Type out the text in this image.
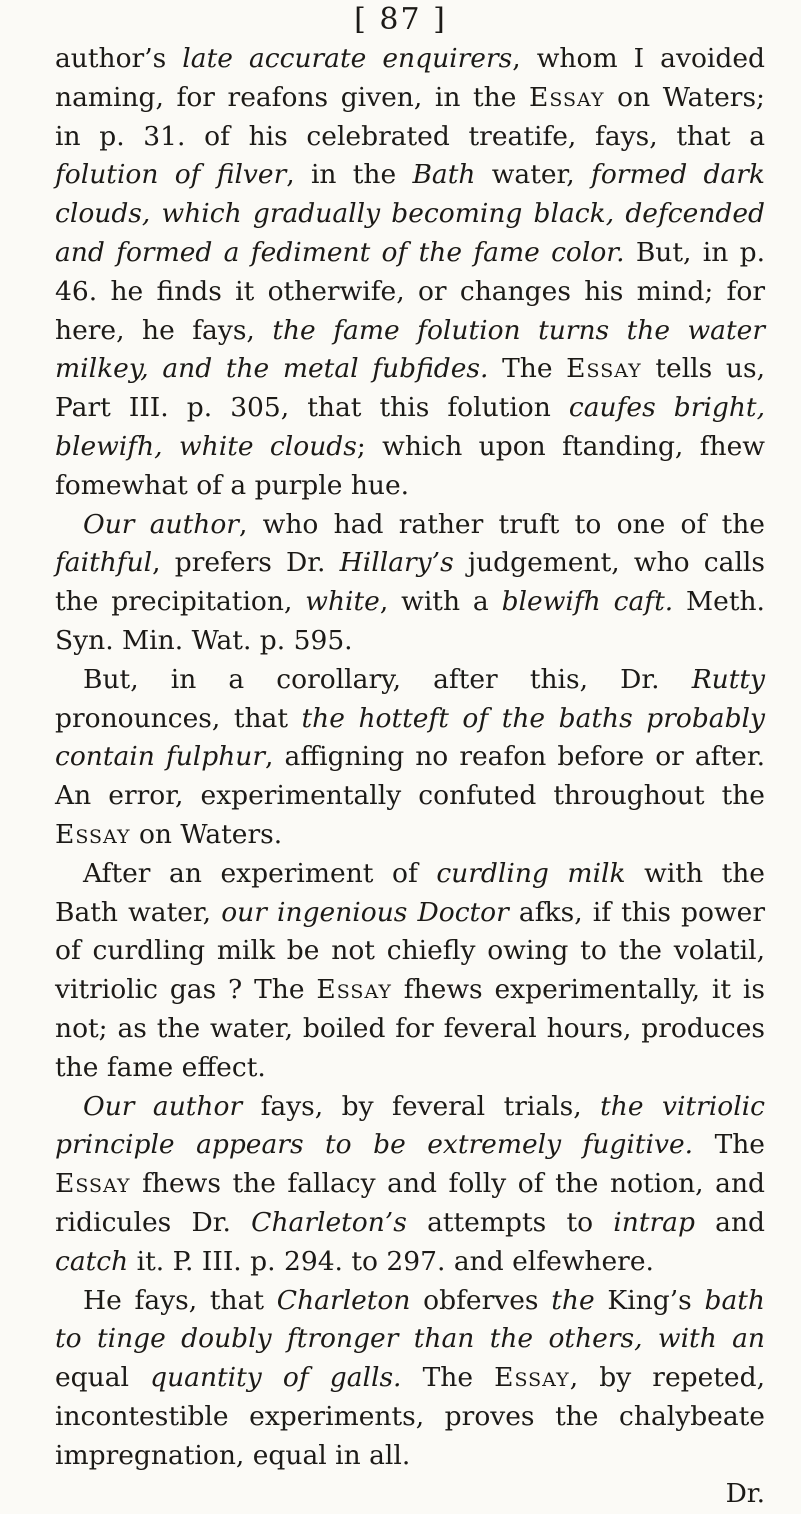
[ 87 ]

author’s late accurate enquirers, whom I avoided naming, for reafons given, in the Essay on Waters; in p. 31. of his celebrated treatife, fays, that a folution of filver, in the Bath water, formed dark clouds, which gradually becoming black, defcended and formed a fediment of the fame color. But, in p. 46. he finds it otherwife, or changes his mind; for here, he fays, the fame folution turns the water milkey, and the metal fubfides. The Essay tells us, Part III. p. 305, that this folution caufes bright, blewifh, white clouds; which upon ftanding, fhew fomewhat of a purple hue.

Our author, who had rather truft to one of the faithful, prefers Dr. Hillary’s judgement, who calls the precipitation, white, with a blewifh caft. Meth. Syn. Min. Wat. p. 595.

But, in a corollary, after this, Dr. Rutty pronounces, that the hotteft of the baths probably contain fulphur, affigning no reafon before or after. An error, experimentally confuted throughout the Essay on Waters.

After an experiment of curdling milk with the Bath water, our ingenious Doctor afks, if this power of curdling milk be not chiefly owing to the volatil, vitriolic gas ? The Essay fhews experimentally, it is not; as the water, boiled for feveral hours, produces the fame effect.

Our author fays, by feveral trials, the vitriolic principle appears to be extremely fugitive. The Essay fhews the fallacy and folly of the notion, and ridicules Dr. Charleton’s attempts to intrap and catch it. P. III. p. 294. to 297. and elfewhere.

He fays, that Charleton obferves the King’s bath to tinge doubly ftronger than the others, with an equal quantity of galls. The Essay, by repeted, incontestible experiments, proves the chalybeate impregnation, equal in all.

Dr.
